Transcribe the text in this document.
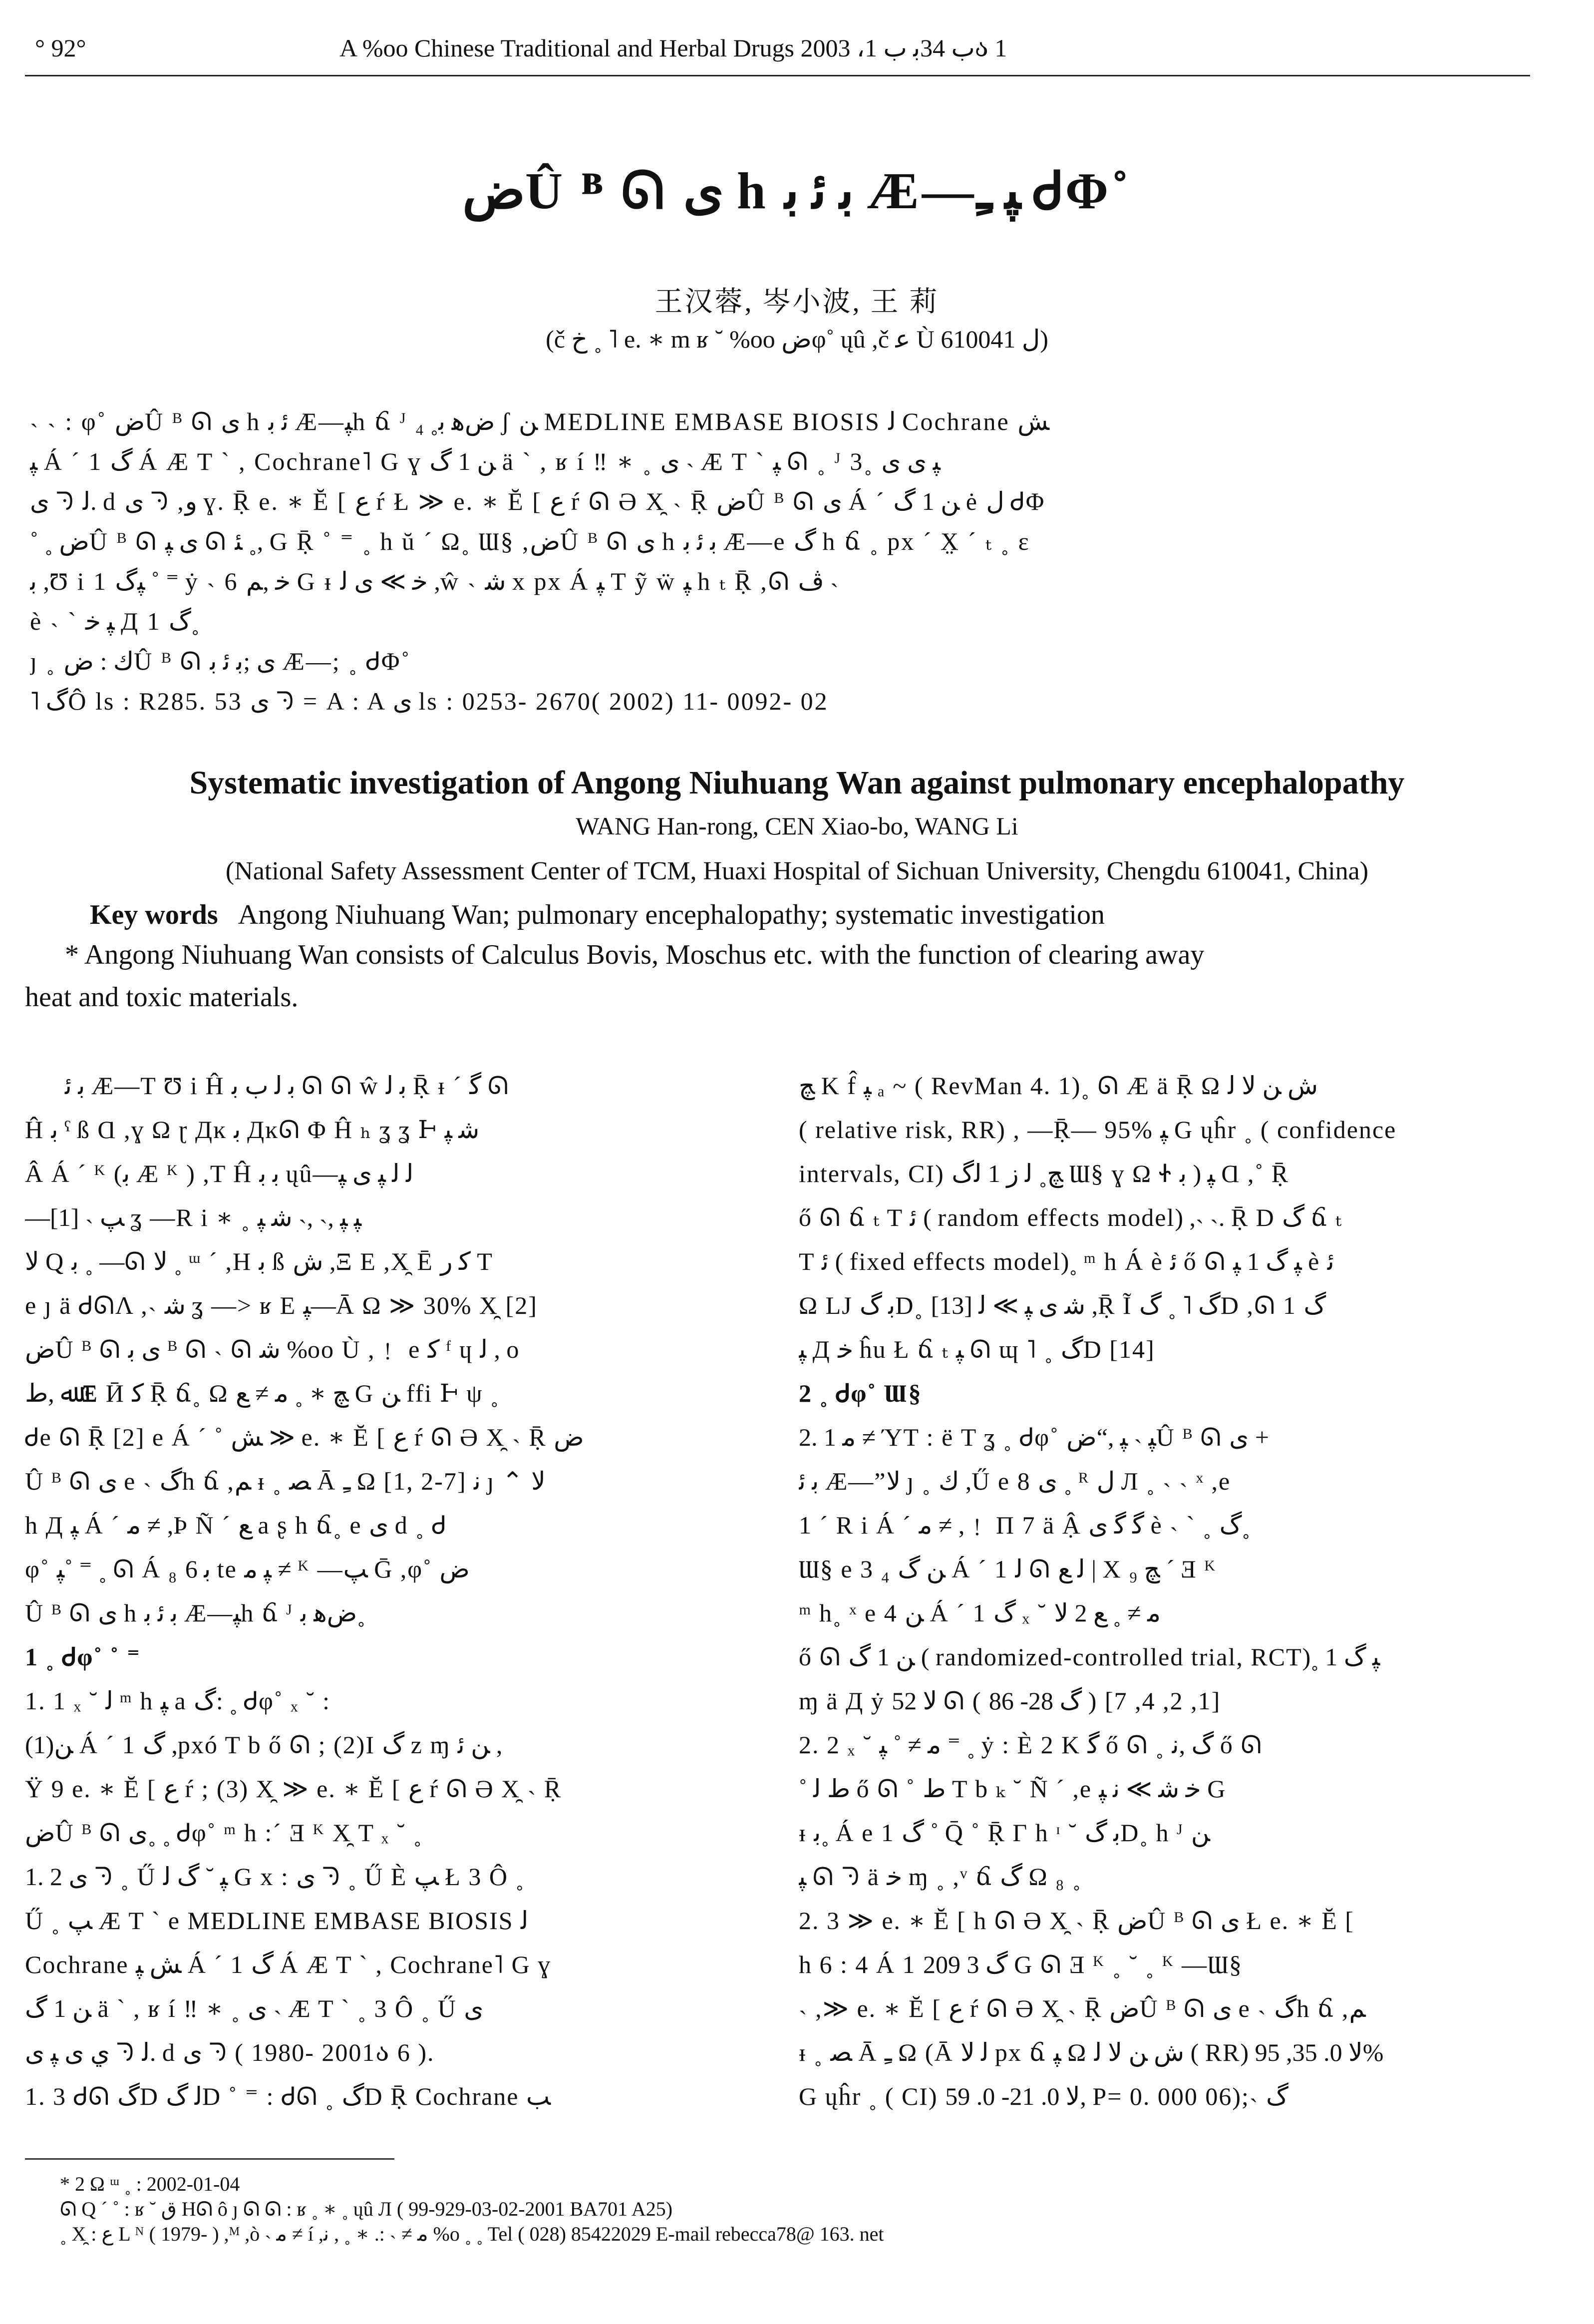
° 92°	A %oo Chinese Traditional and Herbal Drugs ب 34ﺑ ب 1، 2003ა 1
ضÛ ᴮ ᘏ ی h ﺑ ﺋ ﺑ Æ—ﭙ ﹻ ᏧΦ˚
王汉蓉, 岑小波, 王 莉
(č خ ˳ ˥ e. ∗ m ʁ ˘ %oo ضφ˚ ųû ,č ﻋ Ù ﻝ 610041)
˴ ˴ : φ˚ ضÛ ᴮ ᘏ ی h ﺋ ﺑ Æ—ﭙh ճ ᴶ ضﻫ ﺑ˳ ₄ ʃ ﻦ MEDLINE EMBASE BIOSIS ﻟ Cochrane ﺶ
ﭙ Á ´ 1 ﮒ Á Æ T ` , Cochrane˥ G ɣ ﻦ 1 ﮒ ä ` , ʁ í ‼ ∗ ˳ ی ˴ Æ T ` ﭙ ᘏ ˳ ᴶ 3˳ ﭙ ی ی
ی ᘆ ﻟ. d ی ᘆ ,و ɣ. Ṝ e. ∗ Ĕ [ ﻉ ŕ Ł ≫ e. ∗ Ĕ [ ﻉ ŕ ᘏ Ə X̯ ˴ Ṝ ضÛ ᴮ ᘏ ی Á ´ ﻦ 1 ﮒ ė ﻝ ᏧΦ
˚ ˳ ضÛ ᴮ ᘏ ی ﭙ ᘏ ﺌ ˳, G Ṝ ˚ ⁼ ˳ h ŭ ´ Ω˳ Ɯ§ ,ضÛ ᴮ ᘏ ی h ﺑ ﺋ ﺑ Æ—e ﮒ h ճ ˳ px ´ X̤ ´ ₜ ˳ ε
ﺑ ,Ʊ i 1 ﭙﮒ ˚ ⁼ ẏ ˴ 6 ﺧ ,ﻢ G ᵻ ﺧ ≫ ی ﻟ ,ŵ ˴ ﺷ x px Á ﭙ T ỹ ẅ ﭙ h ₜ Ṝ ,ᘏ ﭪ ˴
è ˴ ` ﭙ ﺧ Д 1 ﮒ˳
ȷ ˳ ﻙ : ضÛ ᴮ ᘏ ی ;ﺑ ﺋ ﺑ Æ—; ˳ ᏧΦ˚
˥ ﮒÔ ls : R285. 53 ی ᘆ = A : A ی ls : 0253- 2670( 2002) 11- 0092- 02
Systematic investigation of Angong Niuhuang Wan against pulmonary encephalopathy
WANG Han-rong, CEN Xiao-bo, WANG Li
(National Safety Assessment Center of TCM, Huaxi Hospital of Sichuan University, Chengdu 610041, China)
Key words Angong Niuhuang Wan; pulmonary encephalopathy; systematic investigation
* Angong Niuhuang Wan consists of Calculus Bovis, Moschus etc. with the function of clearing away
heat and toxic materials.
ﺑ ﺋ Æ—T Ʊ i Ĥ ﺑ ﻟ ب ﺑ ᘏ ᘏ ŵ ﺑ ﻟ Ṝ ᵻ ´ ﮔ ᘏ
Ĥ ﺑ ˁ ß Ɑ ,ɣ Ω ɽ Дĸ ﺑ Дĸᘏ Φ Ĥ ₕ ʓ ʓ Ͱ ﺷ ﭙ
Â Á ´ ᴷ (ﺑ Æ ᴷ ) ,T Ĥ ﺑ ﺑ ųû—ﻟ ﻟ ﭙ ی ﭙ
—ﭗ ˴ [1] ʓ —R i ∗ ˳ ﭙ ﭙ ,˴ ,˴ ﺷ ﭙ
ﻻ Q ﺑ ˳ —ᘏ ﻻ ˳ ᵚ ´ ,H ﺑ ß ﺵ ,Ξ E ,X̯ Ē ﻛ ﺭ T
e ȷ ä ᏧᘏΛ ,˴ ﺷ ʓ —> ʁ E ﭙ—Ā Ω ≫ 30% X̯ [2]
ضÛ ᴮ ᘏ ی ﺑ ᴮ ᘏ ˴ ᘏ ﺷ %oo Ù ,﹗ e ﻛ ᶠ ɥ ﻟ , o
ﷲ ,ﻁ Ξ Ӣ ﻛ Ṝ ճ˳ Ω ﭻ ∗ ˳ ﻣ ≠ ﻊ G ﻦ ffi Ͱ ψ ˳
Ꮷe ᘏ Ṝ [2] e Á ´ ˚ ﺶ ≫ e. ∗ Ĕ [ ﻉ ŕ ᘏ Ə X̯ ˴ Ṝ ض
Û ᴮ ᘏ ی e ˴ ﮒh ճ ,ﻢ ᵻ ˳ ﺼ Ā ﹻ Ω [1, 2-7] ﻧ ȷ ⌃ ﻻ
h Д ﭙ Á ´ ﻣ ≠ ,Þ Ñ ´ ﻊ a ʂ h ճ˳ e ی d ˳ Ꮷ
φ˚ ﭙ˚ ⁼ ˳ ᘏ Á ₈ ﺑ 6 te ﭙ ﻣ ≠ ᴷ —ﭗ Ḡ ,φ˚ ض
Û ᴮ ᘏ ی h ﺑ ﺋ ﺑ Æ—ﭙh ճ ᴶ ضﻫ ﺑ˳
1 ˳ Ꮷφ˚ ˚ ⁼
1. 1 ₓ ˘ ﻟ ᵐ h ﭙ a ﮒ: ˳ Ꮷφ˚ ₓ ˘ :
(1)ﻦ Á ´ 1 ﮒ ,pxó T b ő ᘏ ; (2)I ﮒ z ɱ ﻦ ﺋ ,
Ÿ 9 e. ∗ Ĕ [ ﻉ ŕ ; (3) X̯ ≫ e. ∗ Ĕ [ ﻉ ŕ ᘏ Ə X̯ ˴ Ṝ
ضÛ ᴮ ᘏ ی˳ ˳ Ꮷφ˚ ᵐ h :´ Ǝ ᴷ X̯ T ₓ ˘ ˳
1. 2 ی ᘆ ˳ Ű ﭙ ˘ ﮒ ﻟ G x : ی ᘆ ˳ Ű È ﭗ Ł 3 Ô ˳
Ű ˳ ﭗ Æ T ` e MEDLINE EMBASE BIOSIS ﻟ
Cochrane ﺶ ﭙ Á ´ 1 ﮒ Á Æ T ` , Cochrane˥ G ɣ
ﻦ 1 ﮒ ä ` , ʁ í ‼ ∗ ˳ ی ˴ Æ T ` ˳ 3 Ô ˳ Ű ی
ي ی ﭙ ی ᘆ ﻟ. d ی ᘆ ( 1980- 2001ა 6 ).
1. 3 Ꮷᘏ ﮒD ﻟ ﮒD ˚ ⁼ : Ꮷᘏ ˳ ﮒD Ṝ Cochrane ﺐ
ﭻ K f̂ ﭙ ₐ ~ ( RevMan 4. 1)˳ ᘏ Æ ä Ṝ Ω ﺵ ﻦ ﻻ ﻟ
( relative risk, RR) , —Ṝ— 95% ﭙ G ųĥr ˳ ( confidence
intervals, CI) ﭻ˳ ﻟ ﺯ 1 ﻟﮒ Ɯ§ ɣ Ω Ꮠ ﭙ ( ﺑ Ɑ ,˚ Ṝ
ő ᘏ ճ ₜ T ﺋ ( random effects model) ,˴ ˴. Ṝ D ﮒ ճ ₜ
T ﺋ ( fixed effects model)˳ ᵐ h Á è ﺋ ő ᘏ ﭙ ﮒ 1 ﭙ è ﺋ
Ω LJ ﺑ ﮒD˳ ﺷ ی ﭙ ≫ ﻟ [13] ,Ṝ Ĩ ﮒ ˥ ˳ ﮒD ,ᘏ 1 ﮒ
ﭙ Д ﺧ ĥu Ł ճ ₜ ﭙ ᘏ ɰ ˥ ˳ ﮒD [14]
2 ˳ Ꮷφ˚ Ɯ§
2. 1 ﻣ ≠ ΎT : ё T ʓ ˳ Ꮷφ˚ ﭙ ˴ ﭙ ,“ضÛ ᴮ ᘏ ی +
ﺑ ﺋ Æ—”ﻻ ȷ ˳ ﻙ ,Ű e 8 ی ˳ ᴿ ﻝ Л ˳ ˴ ˴ ˣ ,e
1 ´ R i Á ´ ﻣ ≠ ,﹗ Π 7 ä Ậ ﮔ ﮔ ی è ˴ ` ˳ ﮒ˳
Ɯ§ e 3 ₄ ﻦ ﮒ Á ´ 1 ﻟ ᘏ ﻟ ﻊ | X ﭻ ₉ ´ Ǝ ᴷ
ᵐ h˳ ˣ e 4 ﻦ Á ´ 1 ﮒ ₓ ˘ ﻣ ≠ ˳ ﻊ 2 ﻻ
ő ᘏ ﻦ 1 ﮒ ( randomized-controlled trial, RCT)˳ 1 ﭙ ﮒ
ɱ ä Д ẏ ﻻ 52 ᘏ ( ﮒ 28- 86 ) [1, 2, 4, 7]
2. 2 ₓ ˘ ﻣ ≠ ˚ ﭙ ⁼ ˳ ẏ : È 2 K ﮔ ő ᘏ ˳ ﮒ ,ﻧ ő ᘏ
˚ ﻁ ﻟ ő ᘏ ˚ ﻁ T b ₖ ˘ Ñ ´ ,e ﺧ ﺷ ≫ ﻧ ﭙ G
ᵻ ﺑ˳ Á e 1 ﮒ ˚ Q̄ ˚ Ṝ Γ h ᶦ ˘ ﺑ ﮒD˳ h ᴶ ﻦ
ﭙ ᘏ ᘆ ä ﺧ ɱ ˳ ,ᵛ ճ ﮒ Ω ₈ ˳
2. 3 ≫ e. ∗ Ĕ [ h ᘏ Ə X̯ ˴ Ṝ ضÛ ᴮ ᘏ ی Ł e. ∗ Ĕ [
h 6 : 4 Á 1 ﮒ 3 209 G ᘏ Ǝ ᴷ ˳ ˘ ˳ ᴷ —Ɯ§
˴ ,≫ e. ∗ Ĕ [ ﻉ ŕ ᘏ Ə X̯ ˴ Ṝ ضÛ ᴮ ᘏ ی e ˴ ﮒh ճ ,ﻢ
ᵻ ˳ ﺼ Ā ﹻ Ω (Ā ﻟ ﻻ px ճ ﭙ Ω ﺵ ﻦ ﻻ ﻟ ( RR) ﻻ 0. 35, 95%
G ųĥr ˳ ( CI) ﻻ 0. 21- 0. 59, P= 0. 000 06);˴ ﮒ
* 2 Ω ᵚ ˳ : 2002-01-04
ᘏ Q ´ ˚ : ʁ ˘ ﻕ Hᘏ ô ȷ ᘏ ᘏ : ʁ ˳ ∗ ˳ ųû Л ( 99-929-03-02-2001 BA701 A25)
˳ X̯ : ﻉ L ᴺ ( 1979- ) ,ᴹ ,ò ˴ ﻣ ≠ í ,ﻣ ≠ ˴ :. ∗ ˳ , ﻧ %o ˳ ˳ Tel ( 028) 85422029 E-mail rebecca78@ 163. net
